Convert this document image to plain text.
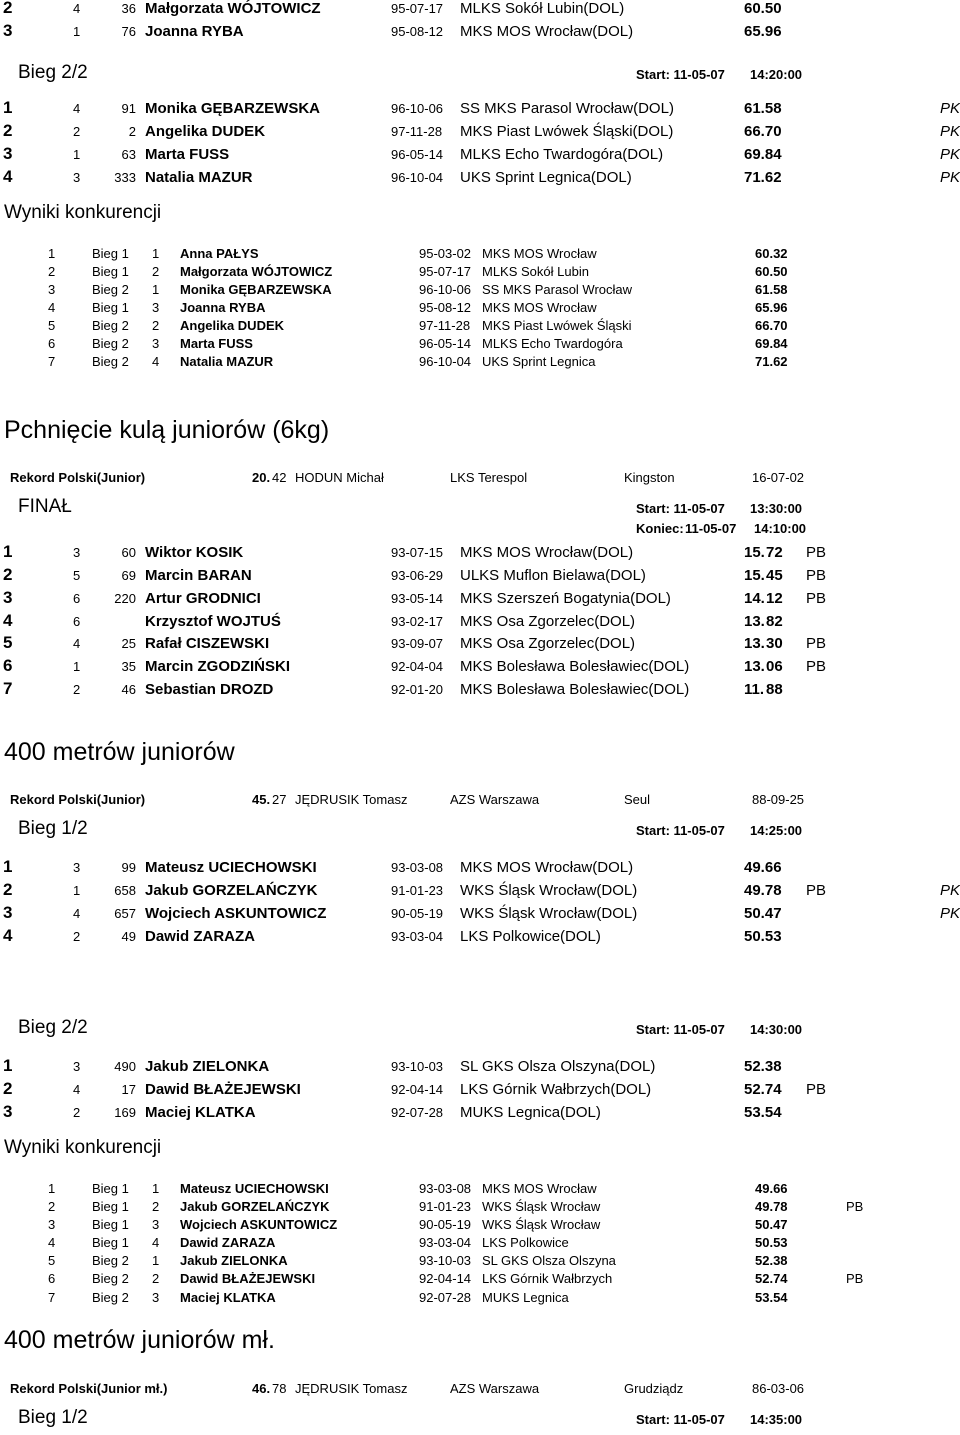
2	4	36 Małgorzata WÓJTOWICZ	95-07-17 MLKS Sokół Lubin(DOL)	60.50
3	1	76 Joanna RYBA	95-08-12 MKS MOS Wrocław(DOL)	65.96
Bieg 2/2	Start: 11-05-07 14:20:00
1	4	91 Monika GĘBARZEWSKA	96-10-06 SS MKS Parasol Wrocław(DOL)	61.58	PK
2	2	2 Angelika DUDEK	97-11-28 MKS Piast Lwówek Śląski(DOL)	66.70	PK
3	1	63 Marta FUSS	96-05-14 MLKS Echo Twardogóra(DOL)	69.84	PK
4	3	333 Natalia MAZUR	96-10-04 UKS Sprint Legnica(DOL)	71.62	PK
Wyniki konkurencji
1	Bieg 1 1 Anna PAŁYS	95-03-02 MKS MOS Wrocław	60.32
2	Bieg 1 2 Małgorzata WÓJTOWICZ	95-07-17 MLKS Sokół Lubin	60.50
3	Bieg 2 1 Monika GĘBARZEWSKA	96-10-06 SS MKS Parasol Wrocław	61.58
4	Bieg 1 3 Joanna RYBA	95-08-12 MKS MOS Wrocław	65.96
5	Bieg 2 2 Angelika DUDEK	97-11-28 MKS Piast Lwówek Śląski	66.70
6	Bieg 2 3 Marta FUSS	96-05-14 MLKS Echo Twardogóra	69.84
7	Bieg 2 4 Natalia MAZUR	96-10-04 UKS Sprint Legnica	71.62
Pchnięcie kulą juniorów (6kg)
Rekord Polski(Junior)	20. 42 HODUN Michał	LKS Terespol	Kingston	16-07-02
FINAŁ	Start: 11-05-07 13:30:00
Koniec: 11-05-07 14:10:00
1	3	60 Wiktor KOSIK	93-07-15 MKS MOS Wrocław(DOL)	15. 72 PB
2	5	69 Marcin BARAN	93-06-29 ULKS Muflon Bielawa(DOL)	15. 45 PB
3	6	220 Artur GRODNICI	93-05-14 MKS Szerszeń Bogatynia(DOL)	14. 12 PB
4	6	Krzysztof WOJTUŚ	93-02-17 MKS Osa Zgorzelec(DOL)	13. 82
5	4	25 Rafał CISZEWSKI	93-09-07 MKS Osa Zgorzelec(DOL)	13. 30 PB
6	1	35 Marcin ZGODZIŃSKI	92-04-04 MKS Bolesława Bolesławiec(DOL)	13. 06 PB
7	2	46 Sebastian DROZD	92-01-20 MKS Bolesława Bolesławiec(DOL)	11. 88
400 metrów juniorów
Rekord Polski(Junior)	45. 27 JĘDRUSIK Tomasz	AZS Warszawa	Seul	88-09-25
Bieg 1/2	Start: 11-05-07 14:25:00
1	3	99 Mateusz UCIECHOWSKI	93-03-08 MKS MOS Wrocław(DOL)	49.66
2	1	658 Jakub GORZELAŃCZYK	91-01-23 WKS Śląsk Wrocław(DOL)	49.78 PB	PK
3	4	657 Wojciech ASKUNTOWICZ	90-05-19 WKS Śląsk Wrocław(DOL)	50.47	PK
4	2	49 Dawid ZARAZA	93-03-04 LKS Polkowice(DOL)	50.53
Bieg 2/2	Start: 11-05-07 14:30:00
1	3	490 Jakub ZIELONKA	93-10-03 SL GKS Olsza Olszyna(DOL)	52.38
2	4	17 Dawid BŁAŻEJEWSKI	92-04-14 LKS Górnik Wałbrzych(DOL)	52.74 PB
3	2	169 Maciej KLATKA	92-07-28 MUKS Legnica(DOL)	53.54
Wyniki konkurencji
1	Bieg 1 1 Mateusz UCIECHOWSKI	93-03-08 MKS MOS Wrocław	49.66
2	Bieg 1 2 Jakub GORZELAŃCZYK	91-01-23 WKS Śląsk Wrocław	49.78	PB
3	Bieg 1 3 Wojciech ASKUNTOWICZ	90-05-19 WKS Śląsk Wrocław	50.47
4	Bieg 1 4 Dawid ZARAZA	93-03-04 LKS Polkowice	50.53
5	Bieg 2 1 Jakub ZIELONKA	93-10-03 SL GKS Olsza Olszyna	52.38
6	Bieg 2 2 Dawid BŁAŻEJEWSKI	92-04-14 LKS Górnik Wałbrzych	52.74	PB
7	Bieg 2 3 Maciej KLATKA	92-07-28 MUKS Legnica	53.54
400 metrów juniorów mł.
Rekord Polski(Junior mł.)	46. 78 JĘDRUSIK Tomasz	AZS Warszawa	Grudziądz	86-03-06
Bieg 1/2	Start: 11-05-07 14:35:00
